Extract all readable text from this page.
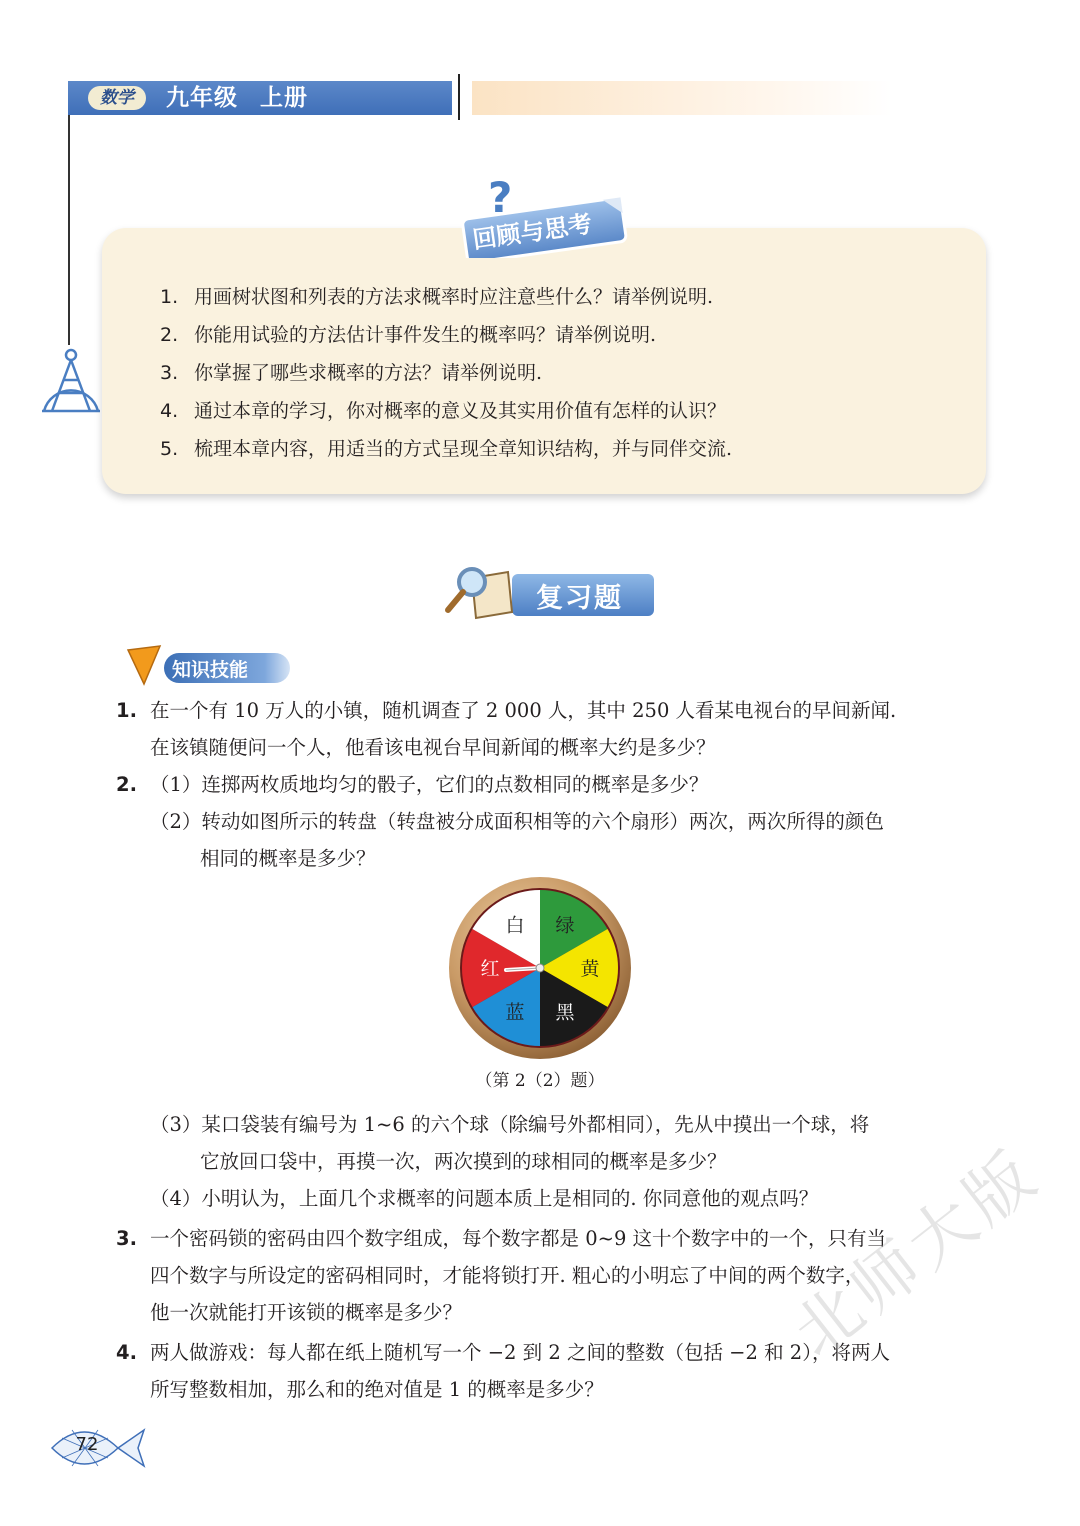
数学	九年级 上册
?
回顾与思考
1. 用画树状图和列表的方法求概率时应注意些什么？请举例说明.
2. 你能用试验的方法估计事件发生的概率吗？请举例说明.
3. 你掌握了哪些求概率的方法？请举例说明.
4. 通过本章的学习，你对概率的意义及其实用价值有怎样的认识？
5. 梳理本章内容，用适当的方式呈现全章知识结构，并与同伴交流.
复习题
知识技能
1. 在一个有 10 万人的小镇，随机调查了 2 000 人，其中 250 人看某电视台的早间新闻.
在该镇随便问一个人，他看该电视台早间新闻的概率大约是多少？
2. （1）连掷两枚质地均匀的骰子，它们的点数相同的概率是多少？
（2）转动如图所示的转盘（转盘被分成面积相等的六个扇形）两次，两次所得的颜色
相同的概率是多少？
绿
黄
黑
蓝
红
白
（第 2（2）题）
（3）某口袋装有编号为 1~6 的六个球（除编号外都相同），先从中摸出一个球，将
它放回口袋中，再摸一次，两次摸到的球相同的概率是多少？
（4）小明认为，上面几个求概率的问题本质上是相同的. 你同意他的观点吗？
3. 一个密码锁的密码由四个数字组成，每个数字都是 0~9 这十个数字中的一个，只有当
四个数字与所设定的密码相同时，才能将锁打开. 粗心的小明忘了中间的两个数字，
他一次就能打开该锁的概率是多少？
4. 两人做游戏：每人都在纸上随机写一个 −2 到 2 之间的整数（包括 −2 和 2），将两人
所写整数相加，那么和的绝对值是 1 的概率是多少？
72
北师大版
